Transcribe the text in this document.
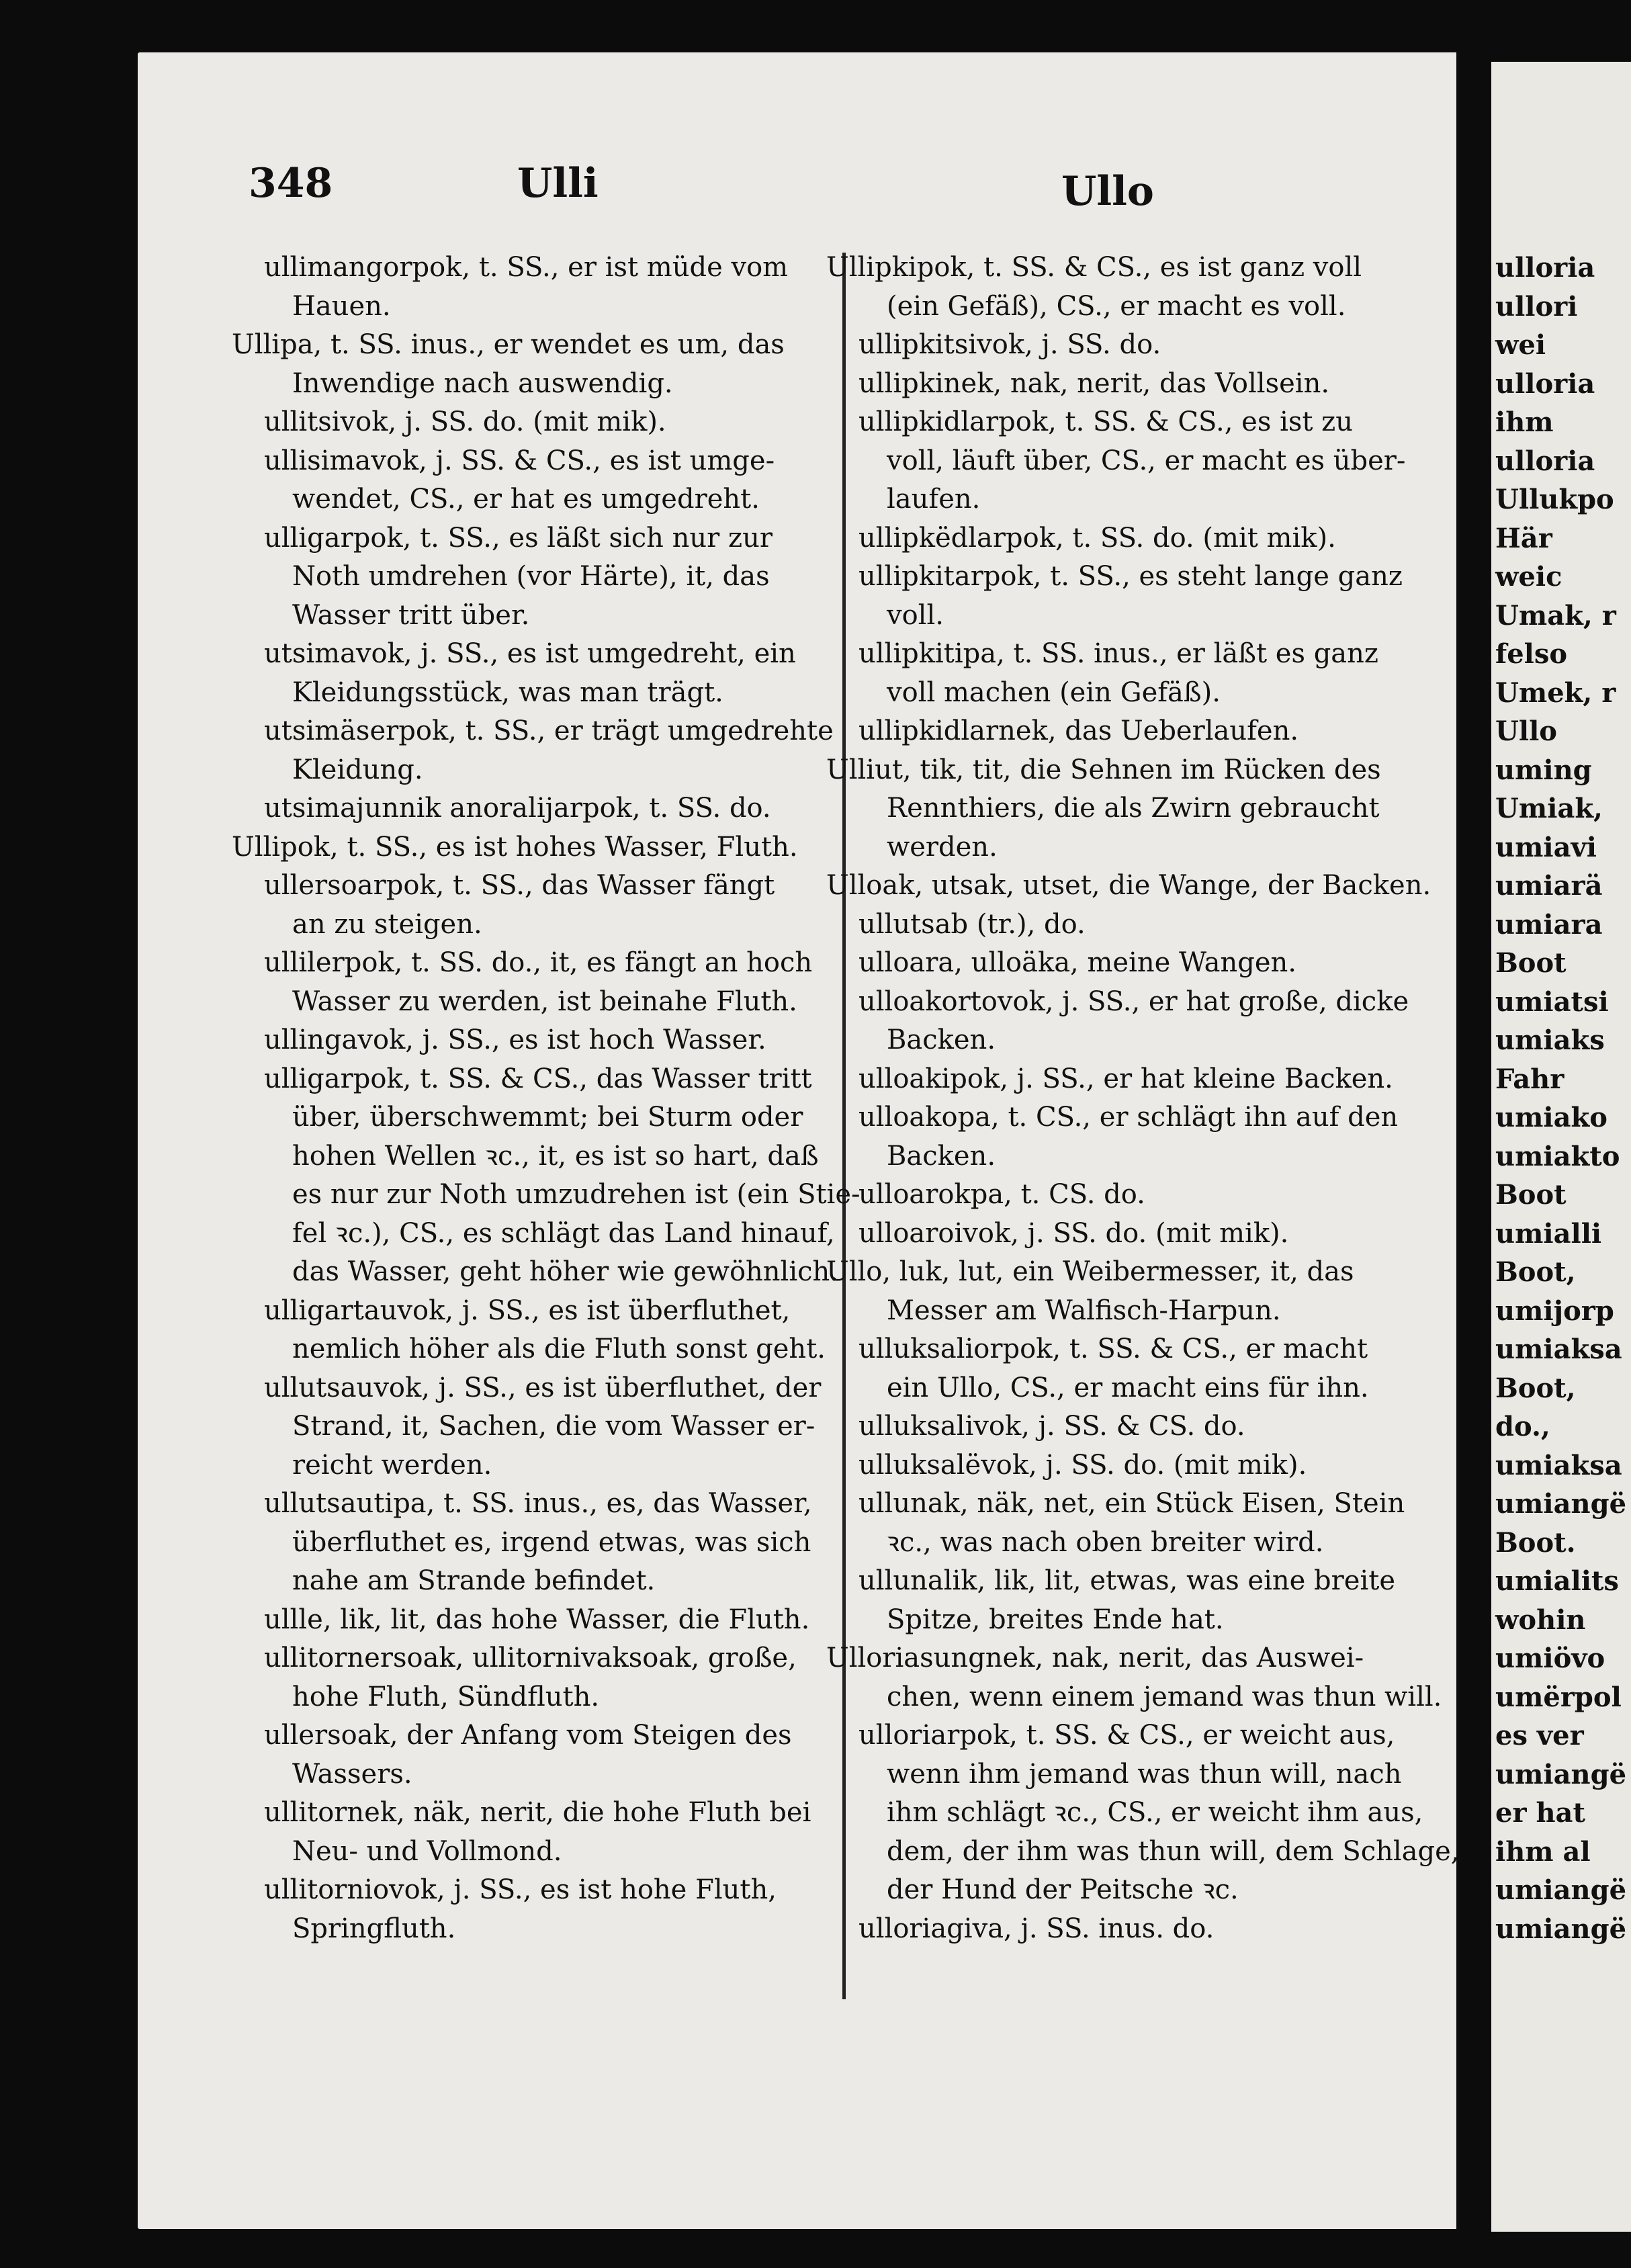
348	Ulli	Ullo
ullimangorpok, t. SS., er ist müde vom
Hauen.
Ullipa, t. SS. inus., er wendet es um, das
Inwendige nach auswendig.
ullitsivok, j. SS. do. (mit mik).
ullisimavok, j. SS. & CS., es ist umge-
wendet, CS., er hat es umgedreht.
ulligarpok, t. SS., es läßt sich nur zur
Noth umdrehen (vor Härte), it, das
Wasser tritt über.
utsimavok, j. SS., es ist umgedreht, ein
Kleidungsstück, was man trägt.
utsimäserpok, t. SS., er trägt umgedrehte
Kleidung.
utsimajunnik anoralijarpok, t. SS. do.
Ullipok, t. SS., es ist hohes Wasser, Fluth.
ullersoarpok, t. SS., das Wasser fängt
an zu steigen.
ullilerpok, t. SS. do., it, es fängt an hoch
Wasser zu werden, ist beinahe Fluth.
ullingavok, j. SS., es ist hoch Wasser.
ulligarpok, t. SS. & CS., das Wasser tritt
über, überschwemmt; bei Sturm oder
hohen Wellen ꝛc., it, es ist so hart, daß
es nur zur Noth umzudrehen ist (ein Stie-
fel ꝛc.), CS., es schlägt das Land hinauf,
das Wasser, geht höher wie gewöhnlich.
ulligartauvok, j. SS., es ist überfluthet,
nemlich höher als die Fluth sonst geht.
ullutsauvok, j. SS., es ist überfluthet, der
Strand, it, Sachen, die vom Wasser er-
reicht werden.
ullutsautipa, t. SS. inus., es, das Wasser,
überfluthet es, irgend etwas, was sich
nahe am Strande befindet.
ullle, lik, lit, das hohe Wasser, die Fluth.
ullitornersoak, ullitornivaksoak, große,
hohe Fluth, Sündfluth.
ullersoak, der Anfang vom Steigen des
Wassers.
ullitornek, näk, nerit, die hohe Fluth bei
Neu- und Vollmond.
ullitorniovok, j. SS., es ist hohe Fluth,
Springfluth.
Ullipkipok, t. SS. & CS., es ist ganz voll
(ein Gefäß), CS., er macht es voll.
ullipkitsivok, j. SS. do.
ullipkinek, nak, nerit, das Vollsein.
ullipkidlarpok, t. SS. & CS., es ist zu
voll, läuft über, CS., er macht es über-
laufen.
ullipkëdlarpok, t. SS. do. (mit mik).
ullipkitarpok, t. SS., es steht lange ganz
voll.
ullipkitipa, t. SS. inus., er läßt es ganz
voll machen (ein Gefäß).
ullipkidlarnek, das Ueberlaufen.
Ulliut, tik, tit, die Sehnen im Rücken des
Rennthiers, die als Zwirn gebraucht
werden.
Ulloak, utsak, utset, die Wange, der Backen.
ullutsab (tr.), do.
ulloara, ulloäka, meine Wangen.
ulloakortovok, j. SS., er hat große, dicke
Backen.
ulloakipok, j. SS., er hat kleine Backen.
ulloakopa, t. CS., er schlägt ihn auf den
Backen.
ulloarokpa, t. CS. do.
ulloaroivok, j. SS. do. (mit mik).
Ullo, luk, lut, ein Weibermesser, it, das
Messer am Walfisch-Harpun.
ulluksaliorpok, t. SS. & CS., er macht
ein Ullo, CS., er macht eins für ihn.
ulluksalivok, j. SS. & CS. do.
ulluksalëvok, j. SS. do. (mit mik).
ullunak, näk, net, ein Stück Eisen, Stein
ꝛc., was nach oben breiter wird.
ullunalik, lik, lit, etwas, was eine breite
Spitze, breites Ende hat.
Ulloriasungnek, nak, nerit, das Auswei-
chen, wenn einem jemand was thun will.
ulloriarpok, t. SS. & CS., er weicht aus,
wenn ihm jemand was thun will, nach
ihm schlägt ꝛc., CS., er weicht ihm aus,
dem, der ihm was thun will, dem Schlage,
der Hund der Peitsche ꝛc.
ulloriagiva, j. SS. inus. do.
ulloria
ullori
wei
ulloria
ihm
ulloria
Ullukpo
Här
weic
Umak, r
felso
Umek, r
Ullo
uming
Umiak,
umiavi
umiarä
umiara
Boot
umiatsi
umiaks
Fahr
umiako
umiakto
Boot
umialli
Boot,
umijorp
umiaksa
Boot,
do.,
umiaksa
umiangë
Boot.
umialits
wohin
umiövo
umërpol
es ver
umiangë
er hat
ihm al
umiangë
umiangë
